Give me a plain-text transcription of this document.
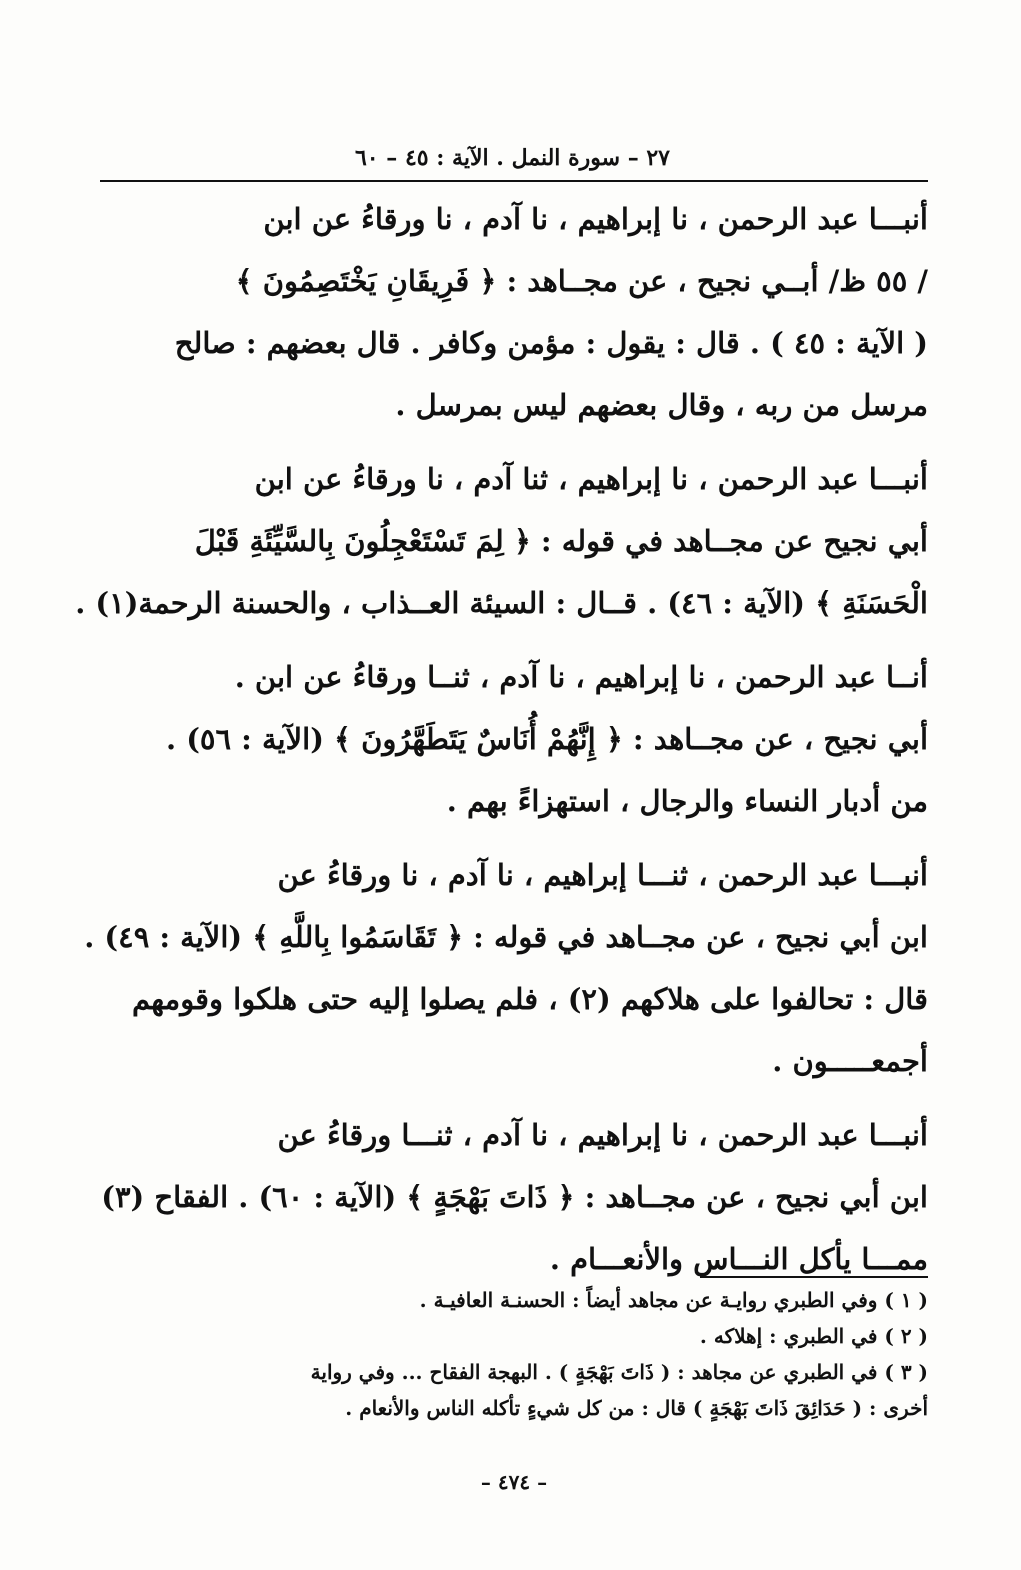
٢٧ – سورة النمل . الآية : ٤٥ – ٦٠
أنبـــا عبد الرحمن ، نا إبراهيم ، نا آدم ، نا ورقاءُ عن ابن
/ ٥٥ ظ/ أبــي نجيح ، عن مجــاهد : ﴿ فَرِيقَانِ يَخْتَصِمُونَ ﴾
( الآية : ٤٥ ) . قال : يقول : مؤمن وكافر . قال بعضهم : صالح
مرسل من ربه ، وقال بعضهم ليس بمرسل .
أنبـــا عبد الرحمن ، نا إبراهيم ، ثنا آدم ، نا ورقاءُ عن ابن
أبي نجيح عن مجــاهد في قوله : ﴿ لِمَ تَسْتَعْجِلُونَ بِالسَّيِّئَةِ قَبْلَ
الْحَسَنَةِ ﴾ (الآية : ٤٦) . قــال : السيئة العــذاب ، والحسنة الرحمة(١) .
أنــا عبد الرحمن ، نا إبراهيم ، نا آدم ، ثنــا ورقاءُ عن ابن .
أبي نجيح ، عن مجــاهد : ﴿ إِنَّهُمْ أُنَاسٌ يَتَطَهَّرُونَ ﴾ (الآية : ٥٦) .
من أدبار النساء والرجال ، استهزاءً بهم .
أنبـــا عبد الرحمن ، ثنـــا إبراهيم ، نا آدم ، نا ورقاءُ عن
ابن أبي نجيح ، عن مجــاهد في قوله : ﴿ تَقَاسَمُوا بِاللَّهِ ﴾ (الآية : ٤٩) .
قال : تحالفوا على هلاكهم (٢) ، فلم يصلوا إليه حتى هلكوا وقومهم
أجمعـــــون .
أنبـــا عبد الرحمن ، نا إبراهيم ، نا آدم ، ثنـــا ورقاءُ عن
ابن أبي نجيح ، عن مجــاهد : ﴿ ذَاتَ بَهْجَةٍ ﴾ (الآية : ٦٠) . الفقاح (٣)
ممـــا يأكل النـــاس والأنعـــام .
( ١ ) وفي الطبري روايـة عن مجاهد أيضاً : الحسنـة العافيـة .
( ٢ ) في الطبري : إهلاكه .
( ٣ ) في الطبري عن مجاهد : ( ذَاتَ بَهْجَةٍ ) . البهجة الفقاح ... وفي رواية
أخرى : ( حَدَائِقَ ذَاتَ بَهْجَةٍ ) قال : من كل شيءٍ تأكله الناس والأنعام .
– ٤٧٤ –
